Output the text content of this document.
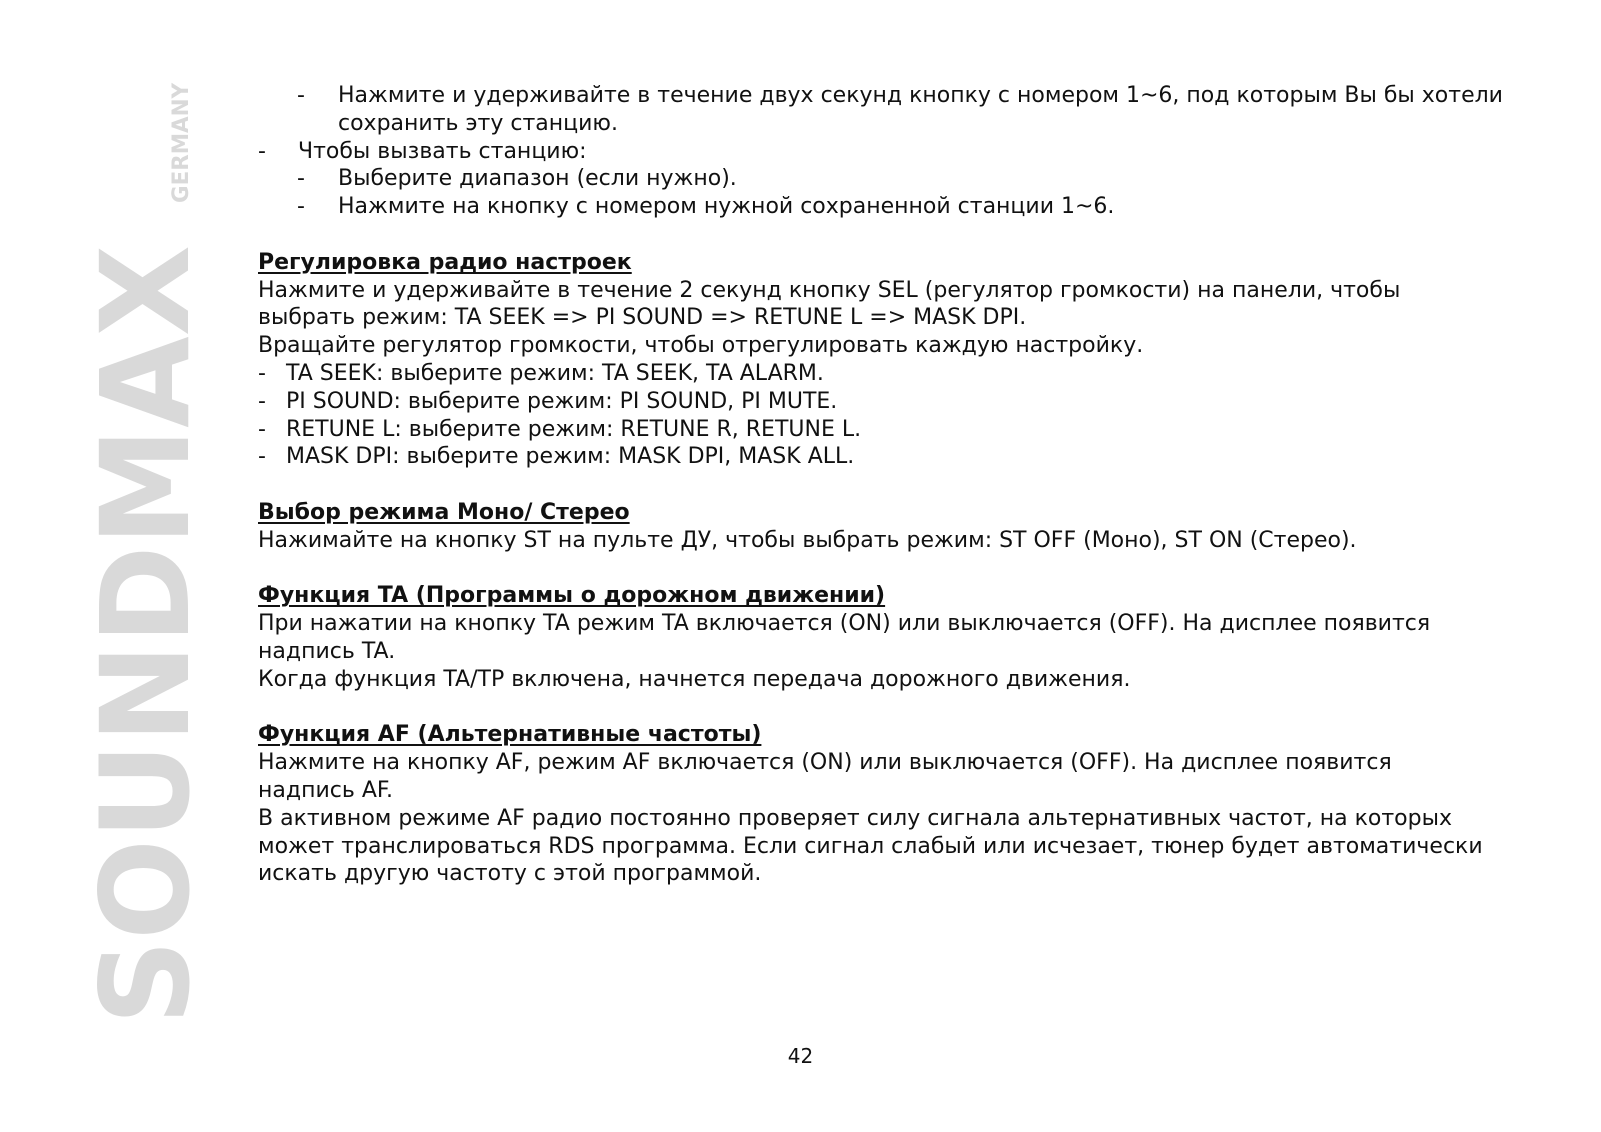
SOUNDMAX
GERMANY	- Нажмите и удерживайте в течение двух секунд кнопку с номером 1~6, под которым Вы бы хотели
сохранить эту станцию.
- Чтобы вызвать станцию:
- Выберите диапазон (если нужно).
- Нажмите на кнопку с номером нужной сохраненной станции 1~6.
Регулировка радио настроек
Нажмите и удерживайте в течение 2 секунд кнопку SEL (регулятор громкости) на панели, чтобы
выбрать режим: TA SEEK => PI SOUND => RETUNE L => MASK DPI.
Вращайте регулятор громкости, чтобы отрегулировать каждую настройку.
- TA SEEK: выберите режим: TA SEEK, TA ALARM.
- PI SOUND: выберите режим: PI SOUND, PI MUTE.
- RETUNE L: выберите режим: RETUNE R, RETUNE L.
- MASK DPI: выберите режим: MASK DPI, MASK ALL.
Выбор режима Моно/ Стерео
Нажимайте на кнопку ST на пульте ДУ, чтобы выбрать режим: ST OFF (Моно), ST ON (Стерео).
Функция TA (Программы о дорожном движении)
При нажатии на кнопку TA режим TA включается (ON) или выключается (OFF). На дисплее появится
надпись TA.
Когда функция TA/TP включена, начнется передача дорожного движения.
Функция AF (Альтернативные частоты)
Нажмите на кнопку AF, режим AF включается (ON) или выключается (OFF). На дисплее появится
надпись AF.
В активном режиме AF радио постоянно проверяет силу сигнала альтернативных частот, на которых
может транслироваться RDS программа. Если сигнал слабый или исчезает, тюнер будет автоматически
искать другую частоту с этой программой.
42
